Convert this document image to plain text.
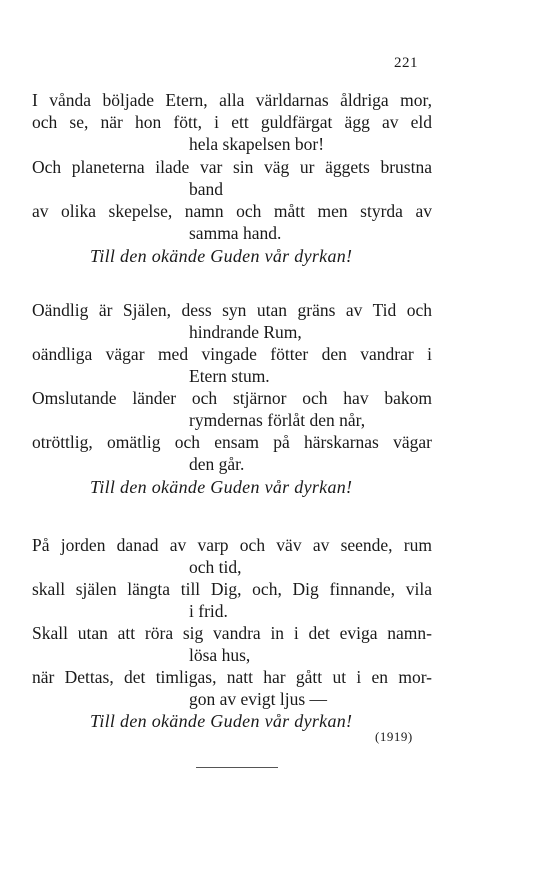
221
I vånda böljade Etern, alla världarnas åldriga mor,
och se, när hon fött, i ett guldfärgat ägg av eld
hela skapelsen bor!
Och planeterna ilade var sin väg ur äggets brustna
band
av olika skepelse, namn och mått men styrda av
samma hand.
Till den okände Guden vår dyrkan!
Oändlig är Själen, dess syn utan gräns av Tid och
hindrande Rum,
oändliga vägar med vingade fötter den vandrar i
Etern stum.
Omslutande länder och stjärnor och hav bakom
rymdernas förlåt den når,
otröttlig, omätlig och ensam på härskarnas vägar
den går.
Till den okände Guden vår dyrkan!
På jorden danad av varp och väv av seende, rum
och tid,
skall själen längta till Dig, och, Dig finnande, vila
i frid.
Skall utan att röra sig vandra in i det eviga namn-
lösa hus,
när Dettas, det timligas, natt har gått ut i en mor-
gon av evigt ljus —
Till den okände Guden vår dyrkan!
(1919)
